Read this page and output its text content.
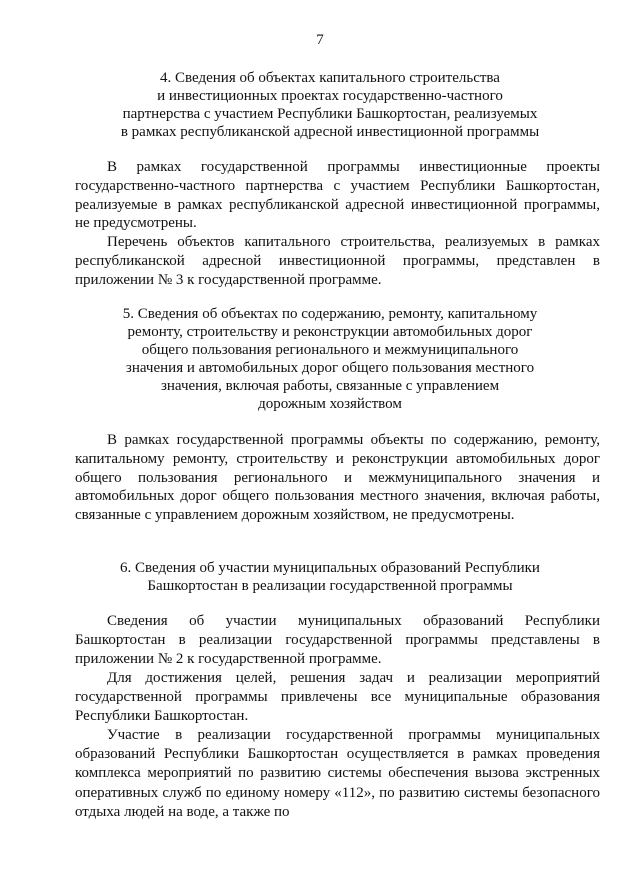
7
4. Сведения об объектах капитального строительства
и инвестиционных проектах государственно-частного
партнерства с участием Республики Башкортостан, реализуемых
в рамках республиканской адресной инвестиционной программы
В рамках государственной программы инвестиционные проекты государственно-частного партнерства с участием Республики Башкортостан, реализуемые в рамках республиканской адресной инвестиционной программы, не предусмотрены.
Перечень объектов капитального строительства, реализуемых в рамках республиканской адресной инвестиционной программы, представлен в приложении № 3 к государственной программе.
5. Сведения об объектах по содержанию, ремонту, капитальному
ремонту, строительству и реконструкции автомобильных дорог
общего пользования регионального и межмуниципального
значения и автомобильных дорог общего пользования местного
значения, включая работы, связанные с управлением
дорожным хозяйством
В рамках государственной программы объекты по содержанию, ремонту, капитальному ремонту, строительству и реконструкции автомобильных дорог общего пользования регионального и межмуниципального значения и автомобильных дорог общего пользования местного значения, включая работы, связанные с управлением дорожным хозяйством, не предусмотрены.
6. Сведения об участии муниципальных образований Республики
Башкортостан в реализации государственной программы
Сведения об участии муниципальных образований Республики Башкортостан в реализации государственной программы представлены в приложении № 2 к государственной программе.
Для достижения целей, решения задач и реализации мероприятий государственной программы привлечены все муниципальные образования Республики Башкортостан.
Участие в реализации государственной программы муниципальных образований Республики Башкортостан осуществляется в рамках проведения комплекса мероприятий по развитию системы обеспечения вызова экстренных оперативных служб по единому номеру «112», по развитию системы безопасного отдыха людей на воде, а также по
